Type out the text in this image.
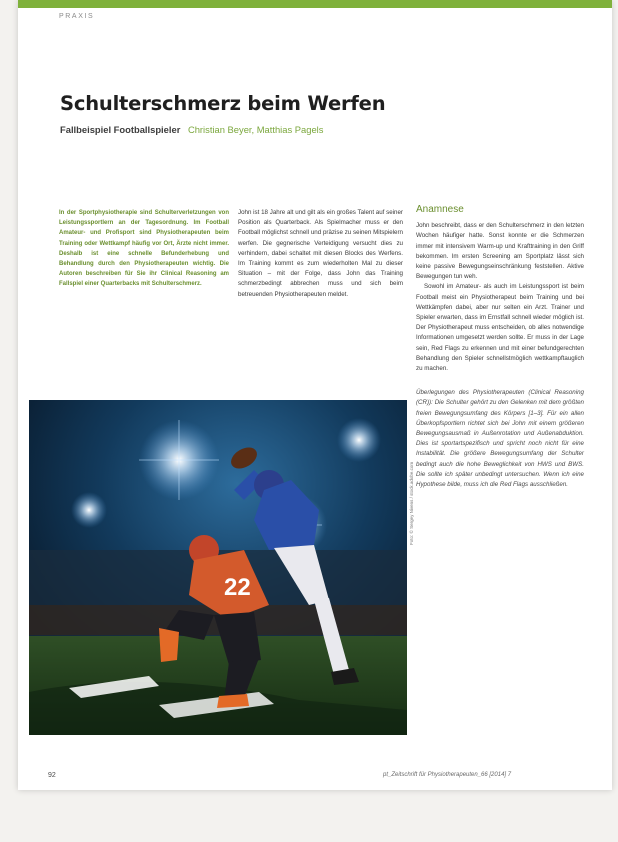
PRAXIS
Schulterschmerz beim Werfen
Fallbeispiel Footballspieler Christian Beyer, Matthias Pagels

In der Sportphysiotherapie sind Schulterverletzungen von Leistungssportlern an der Tagesordnung. Im Football Amateur- und Profisport sind Physiotherapeuten beim Training oder Wettkampf häufig vor Ort, Ärzte nicht immer. Deshalb ist eine schnelle Befunderhebung und Behandlung durch den Physiotherapeuten wichtig. Die Autoren beschreiben für Sie ihr Clinical Reasoning am Fallspiel einer Quarterbacks mit Schulterschmerz.

John ist 18 Jahre alt und gilt als ein großes Talent auf seiner Position als Quarterback. Als Spielmacher muss er den Football möglichst schnell und präzise zu seinen Mitspielern werfen. Die gegnerische Verteidigung versucht dies zu verhindern, dabei schaltet mit diesen Blocks des Werfens. Im Training kommt es zum wiederholten Mal zu dieser Situation – mit der Folge, dass John das Training schmerzbedingt abbrechen muss und sich beim betreuenden Physiotherapeuten meldet.

Anamnese

John beschreibt, dass er den Schulterschmerz in den letzten Wochen häufiger hatte. Sonst konnte er die Schmerzen immer mit intensivem Warm-up und Krafttraining in den Griff bekommen. Im ersten Screening am Sportplatz lässt sich keine passive Bewegungseinschränkung feststellen. Aktive Bewegungen tun weh.

Sowohl im Amateur- als auch im Leistungssport ist beim Football meist ein Physiotherapeut beim Training und bei Wettkämpfen dabei, aber nur selten ein Arzt. Trainer und Spieler erwarten, dass im Ernstfall schnell wieder möglich ist. Der Physiotherapeut muss entscheiden, ob alles notwendige Informationen umgesetzt werden sollte. Er muss in der Lage sein, Red Flags zu erkennen und mit einer befundgerechten Behandlung den Spieler schnellstmöglich wettkampftauglich zu machen.

Überlegungen des Physiotherapeuten (Clinical Reasoning (CR)): Die Schulter gehört zu den Gelenken mit dem größten freien Bewegungsumfang des Körpers [1–3]. Für ein allen Überkopfsportlern richtet sich bei John mit einem größeren Bewegungsausmaß in Außenrotation und Außenabduktion. Dies ist sportartspezifisch und spricht noch nicht für eine Instabilität. Die größere Bewegungsumfang der Schulter bedingt auch die hohe Beweglichkeit von HWS und BWS. Die sollte ich später unbedingt untersuchen. Wenn ich eine Hypothese bilde, muss ich die Red Flags ausschließen.

22
Foto: © Sergey Nivens / stock.adobe.com
92	pt_Zeitschrift für Physiotherapeuten_66 [2014] 7
